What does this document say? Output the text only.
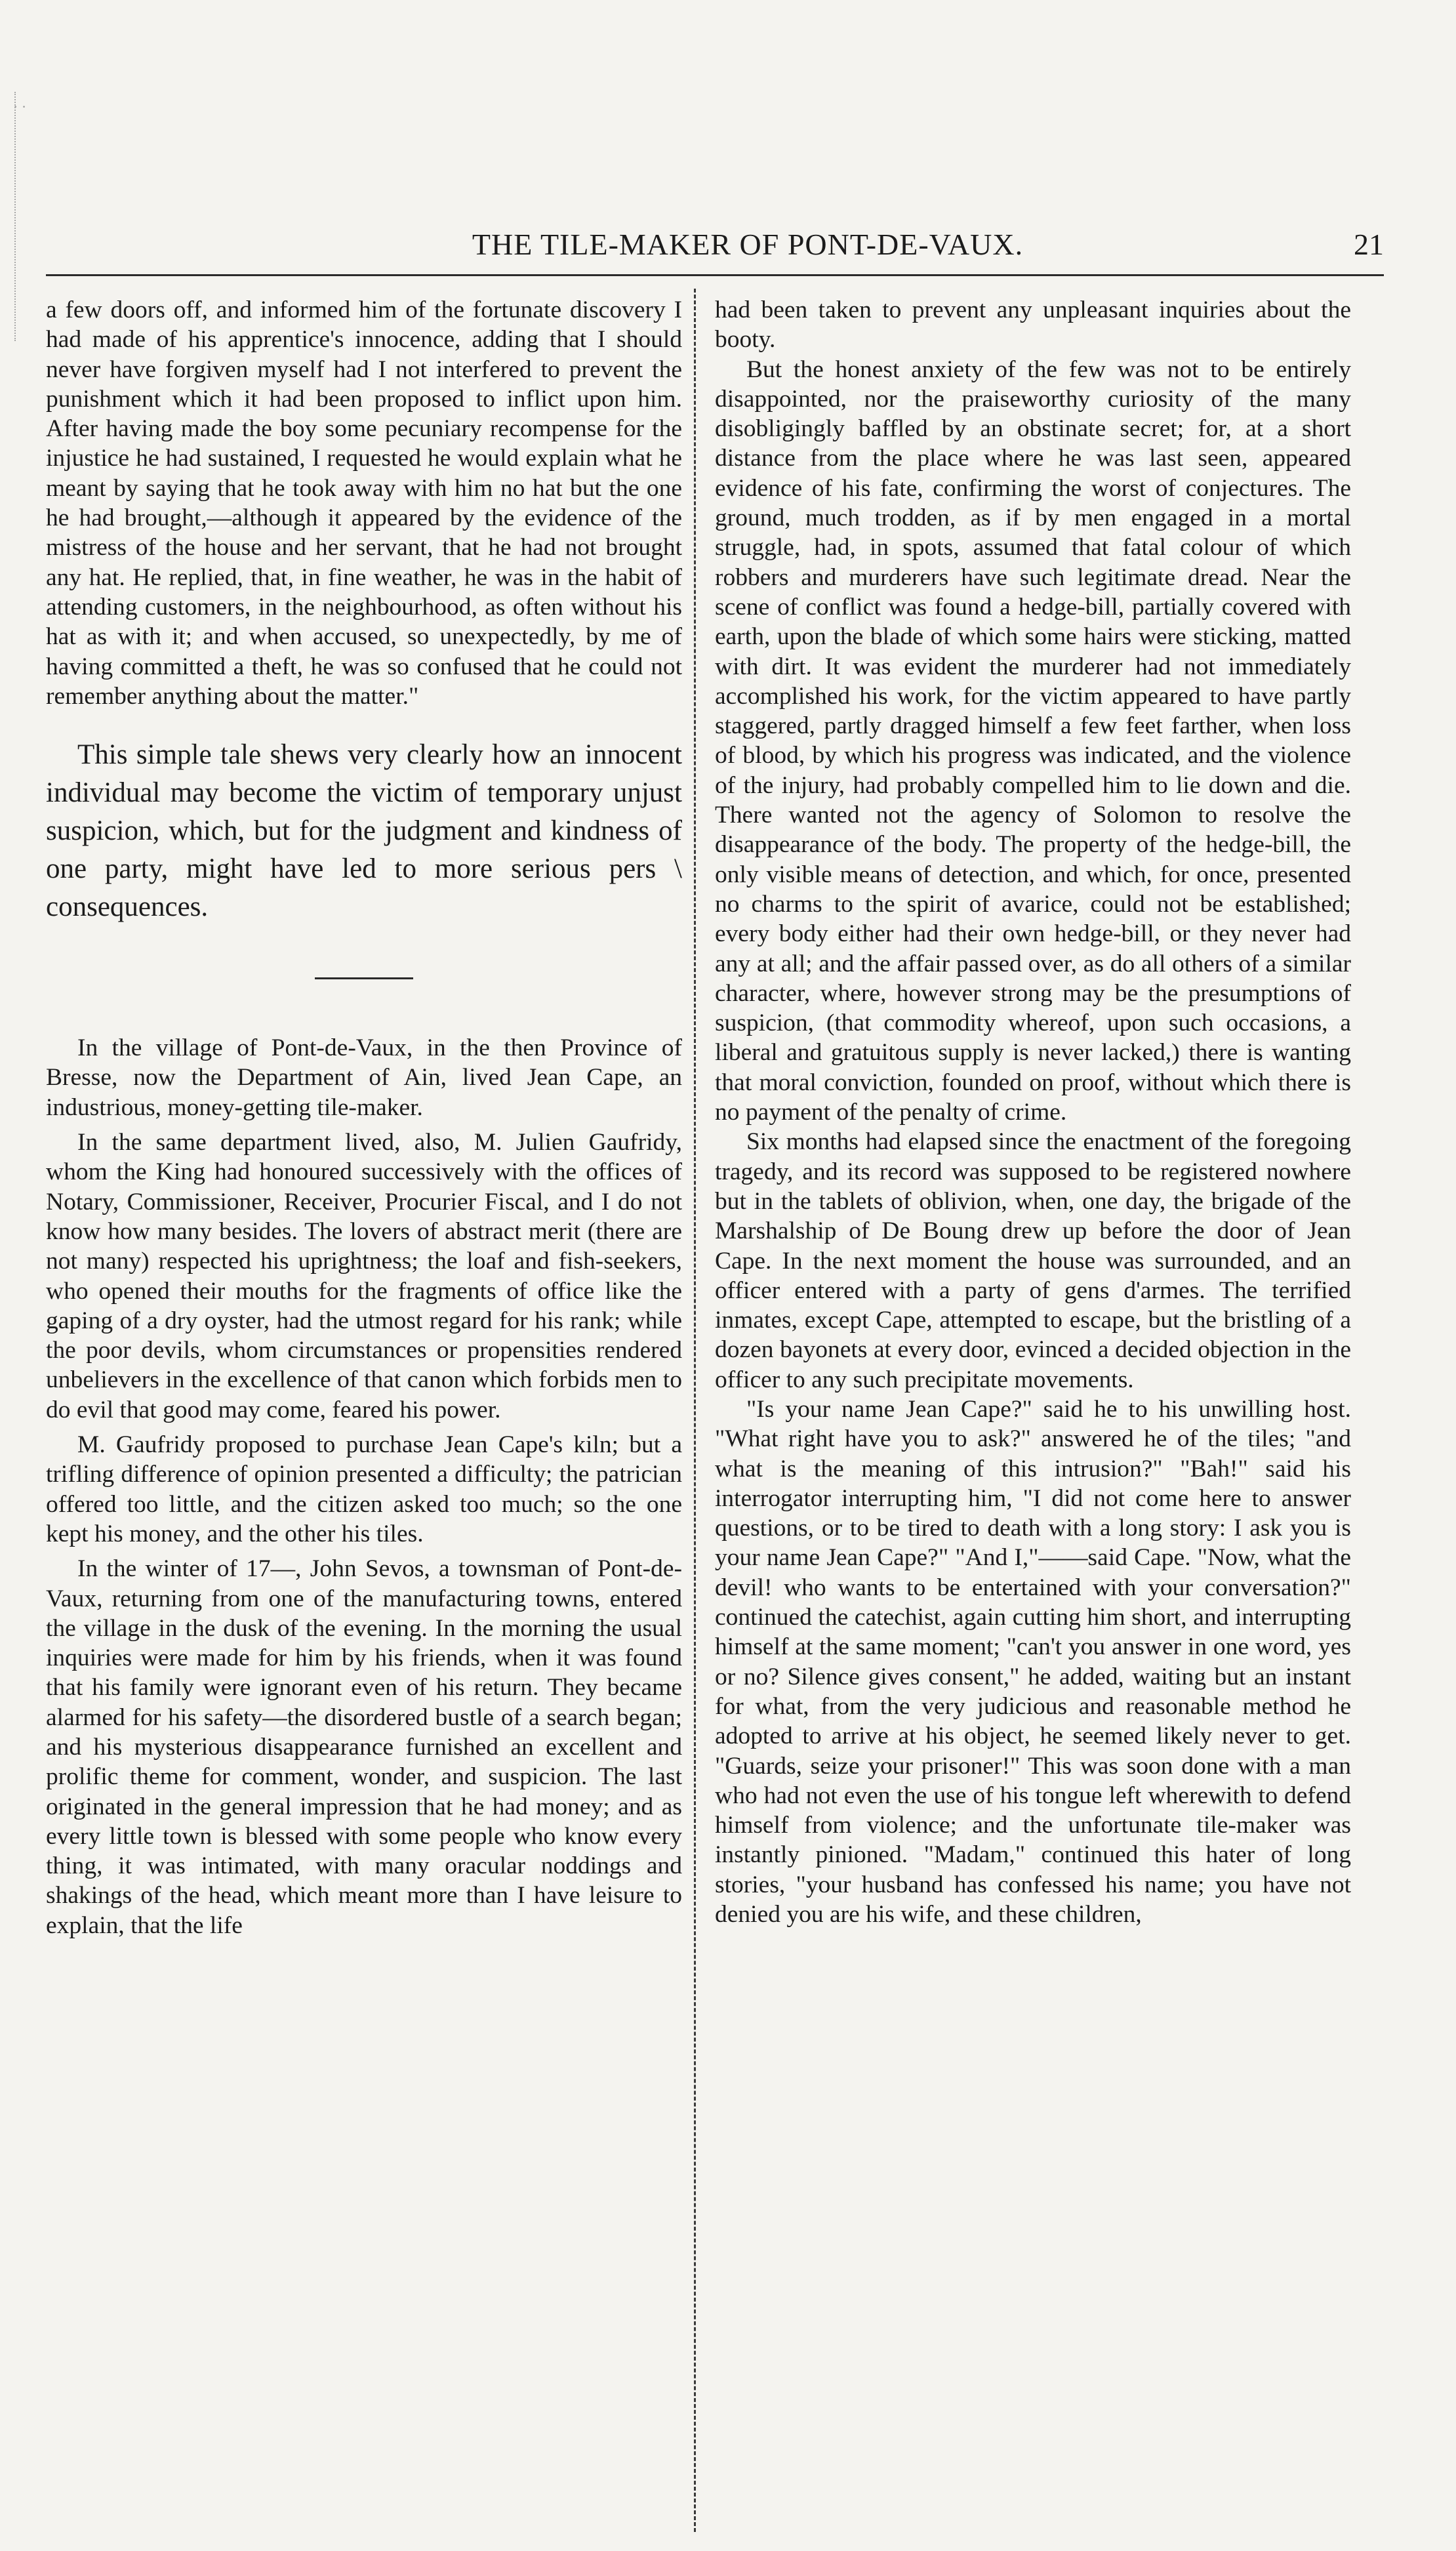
· ·
THE TILE-MAKER OF PONT-DE-VAUX.	21

a few doors off, and informed him of the fortunate discovery I had made of his apprentice's innocence, adding that I should never have forgiven myself had I not interfered to prevent the punishment which it had been proposed to inflict upon him. After having made the boy some pecuniary recompense for the injustice he had sustained, I requested he would explain what he meant by saying that he took away with him no hat but the one he had brought,—although it appeared by the evidence of the mistress of the house and her servant, that he had not brought any hat. He replied, that, in fine weather, he was in the habit of attending customers, in the neighbourhood, as often without his hat as with it; and when accused, so unexpectedly, by me of having committed a theft, he was so confused that he could not remember anything about the matter."

This simple tale shews very clearly how an innocent individual may become the victim of temporary unjust suspicion, which, but for the judgment and kindness of one party, might have led to more serious pers \ consequences.

In the village of Pont-de-Vaux, in the then Province of Bresse, now the Department of Ain, lived Jean Cape, an industrious, money-getting tile-maker.

In the same department lived, also, M. Julien Gaufridy, whom the King had honoured successively with the offices of Notary, Commissioner, Receiver, Procurier Fiscal, and I do not know how many besides. The lovers of abstract merit (there are not many) respected his uprightness; the loaf and fish-seekers, who opened their mouths for the fragments of office like the gaping of a dry oyster, had the utmost regard for his rank; while the poor devils, whom circumstances or propensities rendered unbelievers in the excellence of that canon which forbids men to do evil that good may come, feared his power.

M. Gaufridy proposed to purchase Jean Cape's kiln; but a trifling difference of opinion presented a difficulty; the patrician offered too little, and the citizen asked too much; so the one kept his money, and the other his tiles.

In the winter of 17—, John Sevos, a townsman of Pont-de-Vaux, returning from one of the manufacturing towns, entered the village in the dusk of the evening. In the morning the usual inquiries were made for him by his friends, when it was found that his family were ignorant even of his return. They became alarmed for his safety—the disordered bustle of a search began; and his mysterious disappearance furnished an excellent and prolific theme for comment, wonder, and suspicion. The last originated in the general impression that he had money; and as every little town is blessed with some people who know every thing, it was intimated, with many oracular noddings and shakings of the head, which meant more than I have leisure to explain, that the life

had been taken to prevent any unpleasant inquiries about the booty.

But the honest anxiety of the few was not to be entirely disappointed, nor the praiseworthy curiosity of the many disobligingly baffled by an obstinate secret; for, at a short distance from the place where he was last seen, appeared evidence of his fate, confirming the worst of conjectures. The ground, much trodden, as if by men engaged in a mortal struggle, had, in spots, assumed that fatal colour of which robbers and murderers have such legitimate dread. Near the scene of conflict was found a hedge-bill, partially covered with earth, upon the blade of which some hairs were sticking, matted with dirt. It was evident the murderer had not immediately accomplished his work, for the victim appeared to have partly staggered, partly dragged himself a few feet farther, when loss of blood, by which his progress was indicated, and the violence of the injury, had probably compelled him to lie down and die. There wanted not the agency of Solomon to resolve the disappearance of the body. The property of the hedge-bill, the only visible means of detection, and which, for once, presented no charms to the spirit of avarice, could not be established; every body either had their own hedge-bill, or they never had any at all; and the affair passed over, as do all others of a similar character, where, however strong may be the presumptions of suspicion, (that commodity whereof, upon such occasions, a liberal and gratuitous supply is never lacked,) there is wanting that moral conviction, founded on proof, without which there is no payment of the penalty of crime.

Six months had elapsed since the enactment of the foregoing tragedy, and its record was supposed to be registered nowhere but in the tablets of oblivion, when, one day, the brigade of the Marshalship of De Boung drew up before the door of Jean Cape. In the next moment the house was surrounded, and an officer entered with a party of gens d'armes. The terrified inmates, except Cape, attempted to escape, but the bristling of a dozen bayonets at every door, evinced a decided objection in the officer to any such precipitate movements.

"Is your name Jean Cape?" said he to his unwilling host. "What right have you to ask?" answered he of the tiles; "and what is the meaning of this intrusion?" "Bah!" said his interrogator interrupting him, "I did not come here to answer questions, or to be tired to death with a long story: I ask you is your name Jean Cape?" "And I,"——said Cape. "Now, what the devil! who wants to be entertained with your conversation?" continued the catechist, again cutting him short, and interrupting himself at the same moment; "can't you answer in one word, yes or no? Silence gives consent," he added, waiting but an instant for what, from the very judicious and reasonable method he adopted to arrive at his object, he seemed likely never to get. "Guards, seize your prisoner!" This was soon done with a man who had not even the use of his tongue left wherewith to defend himself from violence; and the unfortunate tile-maker was instantly pinioned. "Madam," continued this hater of long stories, "your husband has confessed his name; you have not denied you are his wife, and these children,
